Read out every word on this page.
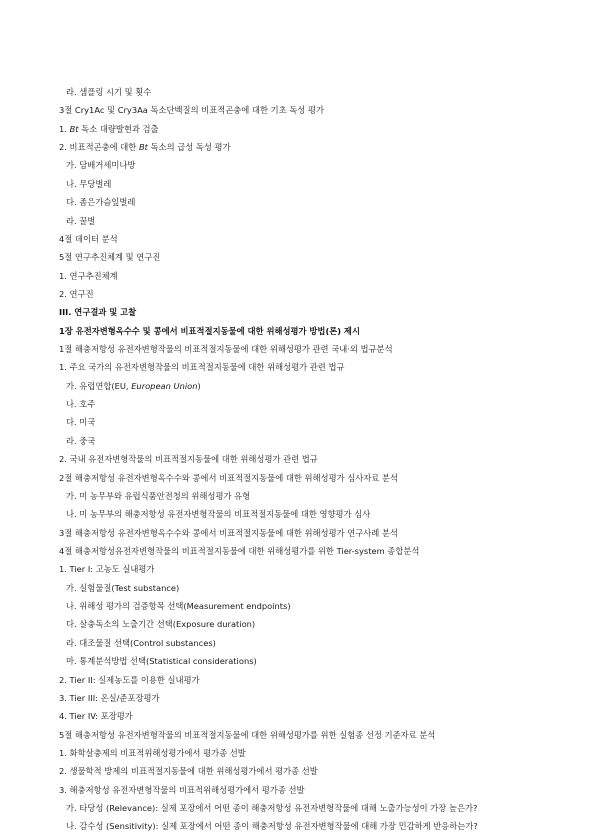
라. 샘플링 시기 및 횟수
3절 Cry1Ac 및 Cry3Aa 독소단백질의 비표적곤충에 대한 기초 독성 평가
1. Bt 독소 대량발현과 검출
2. 비표적곤충에 대한 Bt 독소의 급성 독성 평가
가. 담배거세미나방
나. 무당벌레
다. 좀은가슴잎벌레
라. 꿀벌
4절 데이터 분석
5절 연구추진체계 및 연구진
1. 연구추진체계
2. 연구진
III. 연구결과 및 고찰
1장 유전자변형옥수수 및 콩에서 비표적절지동물에 대한 위해성평가 방법(론) 제시
1절 해충저항성 유전자변형작물의 비표적절지동물에 대한 위해성평가 관련 국내·외 법규분석
1. 주요 국가의 유전자변형작물의 비표적절지동물에 대한 위해성평가 관련 법규
가. 유럽연합(EU, European Union)
나. 호주
다. 미국
라. 중국
2. 국내 유전자변형작물의 비표적절지동물에 대한 위해성평가 관련 법규
2절 해충저항성 유전자변형옥수수와 콩에서 비표적절지동물에 대한 위해성평가 심사자료 분석
가. 미 농무부와 유럽식품안전청의 위해성평가 유형
나. 미 농무부의 해충저항성 유전자변형작물의 비표적절지동물에 대한 영향평가 심사
3절 해충저항성 유전자변형옥수수와 콩에서 비표적절지동물에 대한 위해성평가 연구사례 분석
4절 해충저항성유전자변형작물의 비표적절지동물에 대한 위해성평가를 위한 Tier-system 종합분석
1. Tier I: 고농도 실내평가
가. 실험물질(Test substance)
나. 위해성 평가의 검증항목 선택(Measurement endpoints)
다. 살충독소의 노출기간 선택(Exposure duration)
라. 대조물질 선택(Control substances)
마. 통계분석방법 선택(Statistical considerations)
2. Tier II: 실제농도를 이용한 실내평가
3. Tier III: 온실/준포장평가
4. Tier IV: 포장평가
5절 해충저항성 유전자변형작물의 비표적절지동물에 대한 위해성평가를 위한 실험종 선정 기준자료 분석
1. 화학살충제의 비표적위해성평가에서 평가종 선발
2. 생물학적 방제의 비표적절지동물에 대한 위해성평가에서 평가종 선발
3. 해충저항성 유전자변형작물의 비표적위해성평가에서 평가종 선발
가. 타당성 (Relevance): 실제 포장에서 어떤 종이 해충저항성 유전자변형작물에 대해 노출가능성이 가장 높은가?
나. 감수성 (Sensitivity): 실제 포장에서 어떤 종이 해충저항성 유전자변형작물에 대해 가장 민감하게 반응하는가?
